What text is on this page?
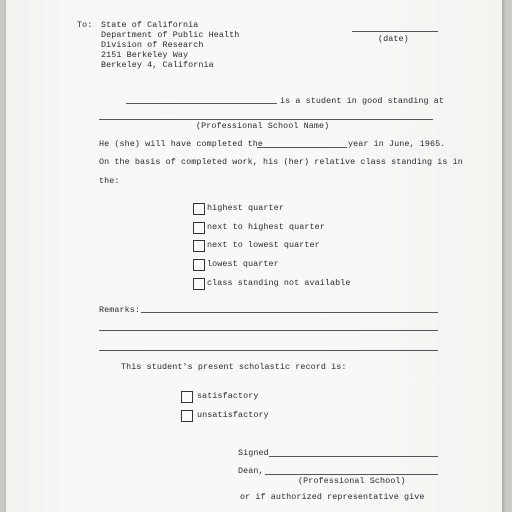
To: State of California
Department of Public Health
Division of Research
2151 Berkeley Way
Berkeley 4, California
(date)
is a student in good standing at
(Professional School Name)
He (she) will have completed the	year in June, 1965.
On the basis of completed work, his (her) relative class standing is in
the:
highest quarter
next to highest quarter
next to lowest quarter
lowest quarter
class standing not available
Remarks:
This student's present scholastic record is:
satisfactory
unsatisfactory
Signed
Dean,
(Professional School)
or if authorized representative give
